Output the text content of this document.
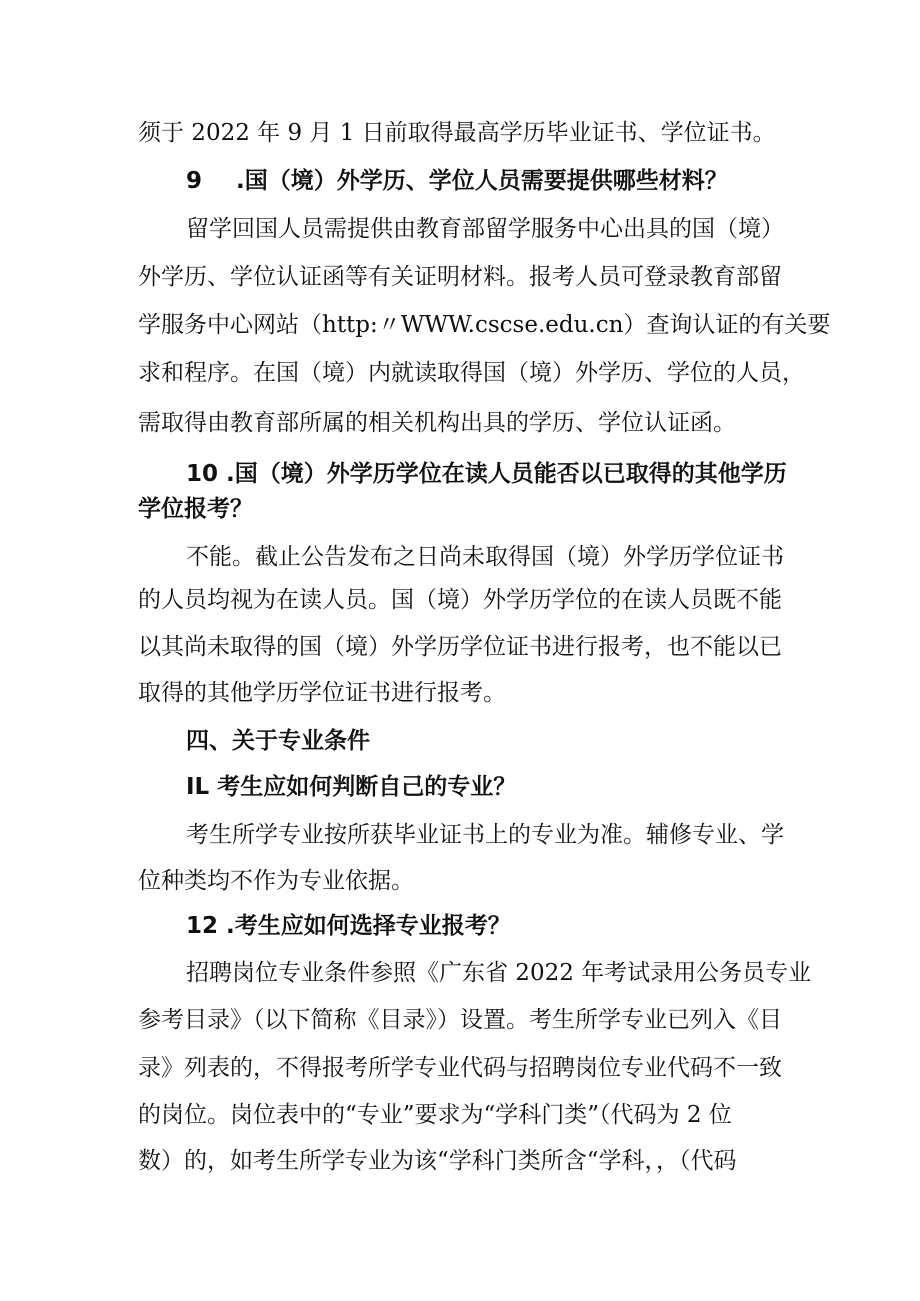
须于 2022 年 9 月 1 日前取得最高学历毕业证书、学位证书。
9	.国（境）外学历、学位人员需要提供哪些材料？
留学回国人员需提供由教育部留学服务中心出具的国（境）
外学历、学位认证函等有关证明材料。报考人员可登录教育部留
学服务中心网站（http:〃WWW.cscse.edu.cn）查询认证的有关要
求和程序。在国（境）内就读取得国（境）外学历、学位的人员，
需取得由教育部所属的相关机构出具的学历、学位认证函。
10 .国（境）外学历学位在读人员能否以已取得的其他学历
学位报考？
不能。截止公告发布之日尚未取得国（境）外学历学位证书
的人员均视为在读人员。国（境）外学历学位的在读人员既不能
以其尚未取得的国（境）外学历学位证书进行报考，也不能以已
取得的其他学历学位证书进行报考。
四、关于专业条件
IL 考生应如何判断自己的专业？
考生所学专业按所获毕业证书上的专业为准。辅修专业、学
位种类均不作为专业依据。
12 .考生应如何选择专业报考？
招聘岗位专业条件参照《广东省 2022 年考试录用公务员专业
参考目录》（以下简称《目录》）设置。考生所学专业已列入《目
录》列表的，不得报考所学专业代码与招聘岗位专业代码不一致
的岗位。岗位表中的“专业”要求为“学科门类”（代码为 2 位
数）的，如考生所学专业为该“学科门类所含“学科，，（代码
